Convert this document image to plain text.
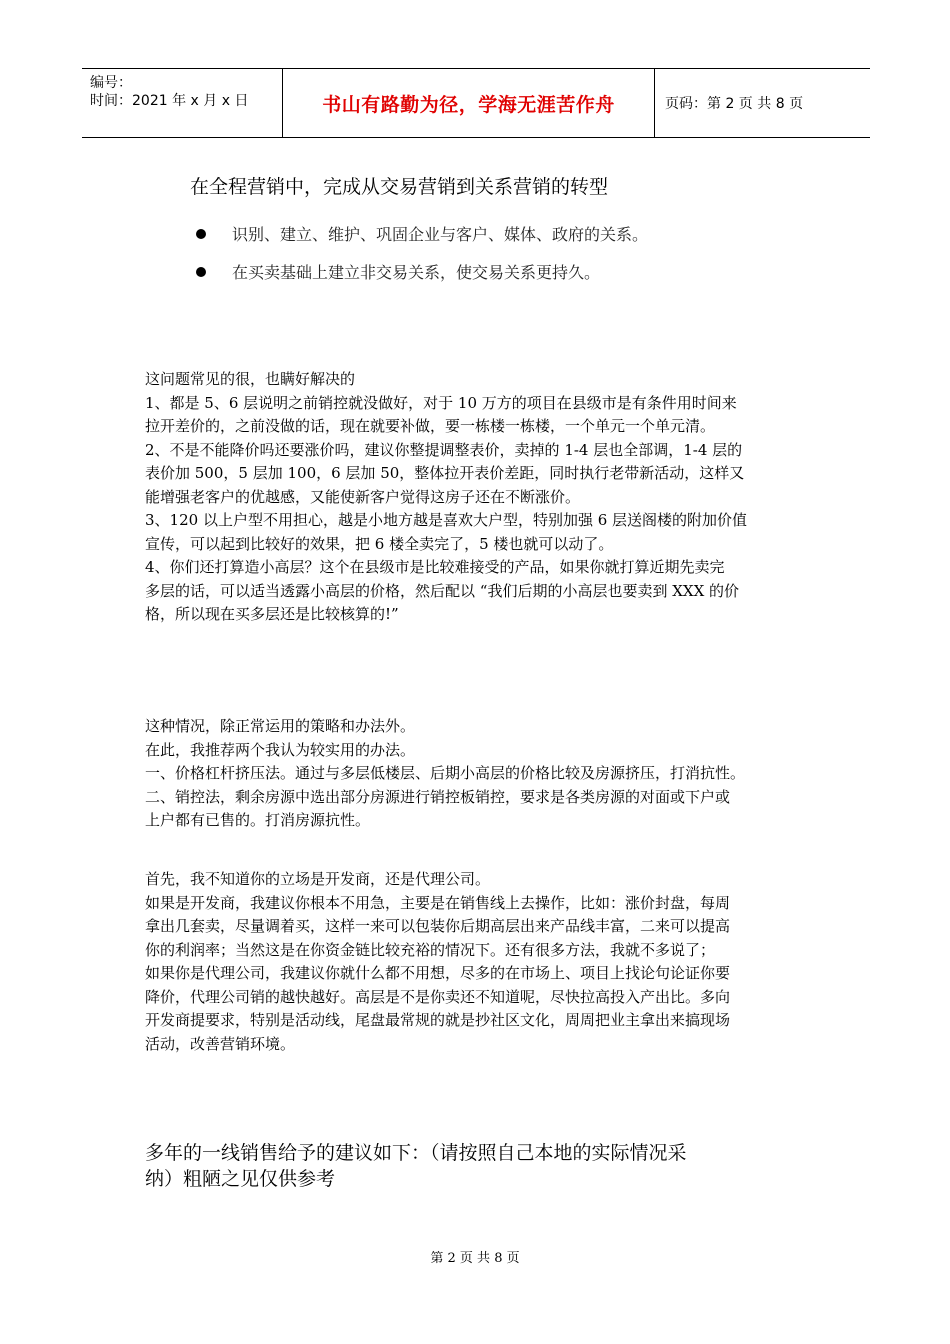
编号：
时间：2021 年 x 月 x 日	书山有路勤为径，学海无涯苦作舟	页码：第 2 页 共 8 页
在全程营销中，完成从交易营销到关系营销的转型
识别、建立、维护、巩固企业与客户、媒体、政府的关系。
在买卖基础上建立非交易关系，使交易关系更持久。
这问题常见的很，也瞒好解决的
1、都是 5、6 层说明之前销控就没做好，对于 10 万方的项目在县级市是有条件用时间来
拉开差价的，之前没做的话，现在就要补做，要一栋楼一栋楼，一个单元一个单元清。
2、不是不能降价吗还要涨价吗，建议你整提调整表价，卖掉的 1-4 层也全部调，1-4 层的
表价加 500，5 层加 100，6 层加 50，整体拉开表价差距，同时执行老带新活动，这样又
能增强老客户的优越感，又能使新客户觉得这房子还在不断涨价。
3、120 以上户型不用担心，越是小地方越是喜欢大户型，特别加强 6 层送阁楼的附加价值
宣传，可以起到比较好的效果，把 6 楼全卖完了，5 楼也就可以动了。
4、你们还打算造小高层？这个在县级市是比较难接受的产品，如果你就打算近期先卖完
多层的话，可以适当透露小高层的价格，然后配以 “我们后期的小高层也要卖到 XXX 的价
格，所以现在买多层还是比较核算的!”
这种情况，除正常运用的策略和办法外。
在此，我推荐两个我认为较实用的办法。
一、价格杠杆挤压法。通过与多层低楼层、后期小高层的价格比较及房源挤压，打消抗性。
二、销控法，剩余房源中选出部分房源进行销控板销控，要求是各类房源的对面或下户或
上户都有已售的。打消房源抗性。
首先，我不知道你的立场是开发商，还是代理公司。
如果是开发商，我建议你根本不用急，主要是在销售线上去操作，比如：涨价封盘，每周
拿出几套卖，尽量调着买，这样一来可以包装你后期高层出来产品线丰富，二来可以提高
你的利润率；当然这是在你资金链比较充裕的情况下。还有很多方法，我就不多说了；
如果你是代理公司，我建议你就什么都不用想，尽多的在市场上、项目上找论句论证你要
降价，代理公司销的越快越好。高层是不是你卖还不知道呢，尽快拉高投入产出比。多向
开发商提要求，特别是活动线，尾盘最常规的就是抄社区文化，周周把业主拿出来搞现场
活动，改善营销环境。
多年的一线销售给予的建议如下：（请按照自己本地的实际情况采
纳）粗陋之见仅供参考
第 2 页 共 8 页
